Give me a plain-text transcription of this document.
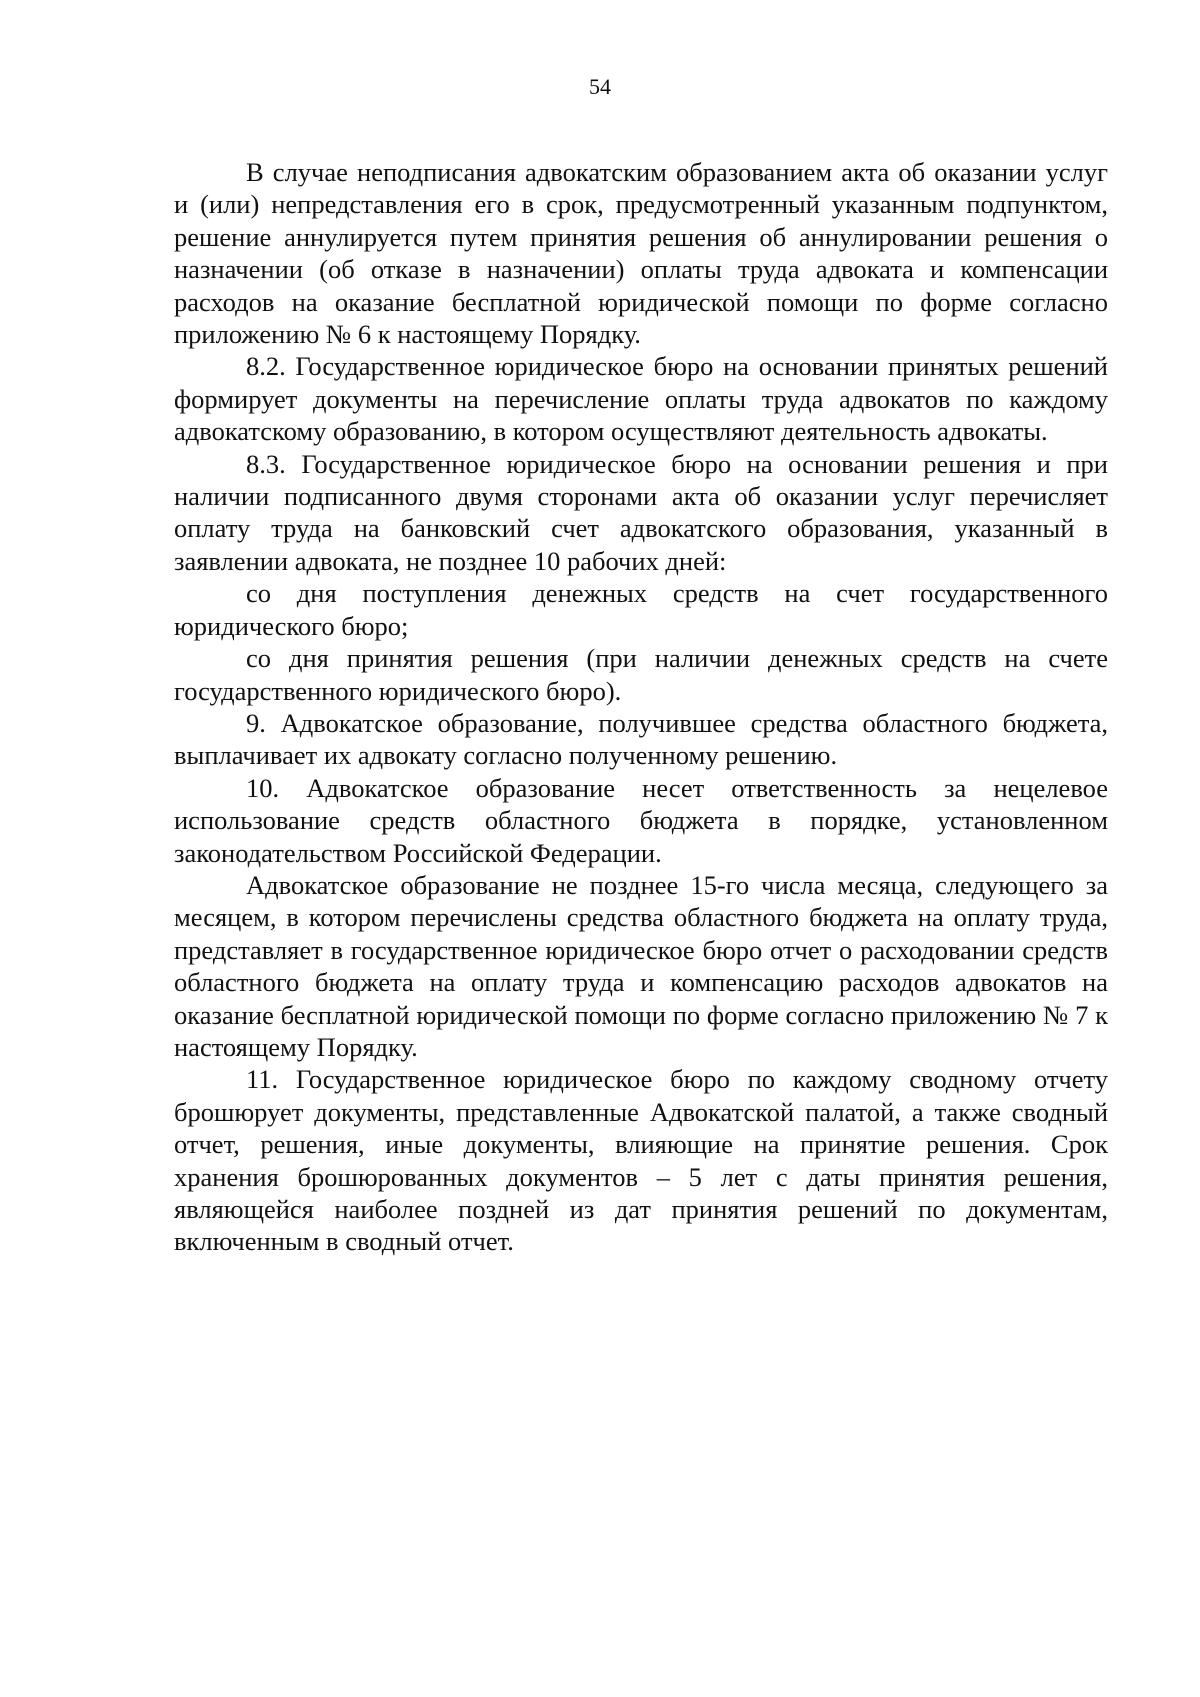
54

В случае неподписания адвокатским образованием акта об оказании услуг и (или) непредставления его в срок, предусмотренный указанным подпунктом, решение аннулируется путем принятия решения об аннулировании решения о назначении (об отказе в назначении) оплаты труда адвоката и компенсации расходов на оказание бесплатной юридической помощи по форме согласно приложению № 6 к настоящему Порядку.

8.2. Государственное юридическое бюро на основании принятых решений формирует документы на перечисление оплаты труда адвокатов по каждому адвокатскому образованию, в котором осуществляют деятельность адвокаты.

8.3. Государственное юридическое бюро на основании решения и при наличии подписанного двумя сторонами акта об оказании услуг перечисляет оплату труда на банковский счет адвокатского образования, указанный в заявлении адвоката, не позднее 10 рабочих дней:

со дня поступления денежных средств на счет государственного юридического бюро;

со дня принятия решения (при наличии денежных средств на счете государственного юридического бюро).

9. Адвокатское образование, получившее средства областного бюджета, выплачивает их адвокату согласно полученному решению.

10. Адвокатское образование несет ответственность за нецелевое использование средств областного бюджета в порядке, установленном законодательством Российской Федерации.

Адвокатское образование не позднее 15-го числа месяца, следующего за месяцем, в котором перечислены средства областного бюджета на оплату труда, представляет в государственное юридическое бюро отчет о расходовании средств областного бюджета на оплату труда и компенсацию расходов адвокатов на оказание бесплатной юридической помощи по форме согласно приложению № 7 к настоящему Порядку.

11. Государственное юридическое бюро по каждому сводному отчету брошюрует документы, представленные Адвокатской палатой, а также сводный отчет, решения, иные документы, влияющие на принятие решения. Срок хранения брошюрованных документов – 5 лет с даты принятия решения, являющейся наиболее поздней из дат принятия решений по документам, включенным в сводный отчет.
